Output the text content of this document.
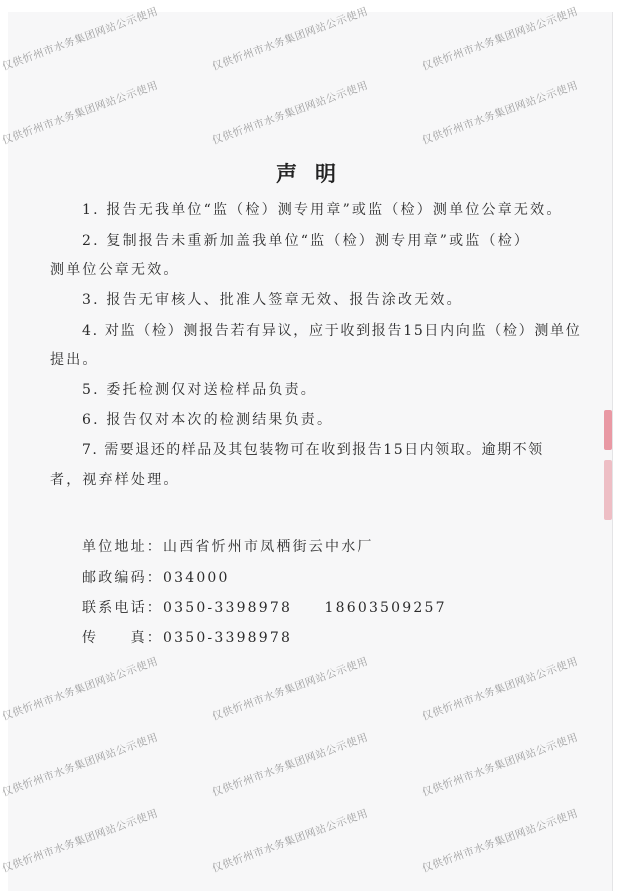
声明
1. 报告无我单位“监（检）测专用章”或监（检）测单位公章无效。
2. 复制报告未重新加盖我单位“监（检）测专用章”或监（检）
测单位公章无效。
3. 报告无审核人、批准人签章无效、报告涂改无效。
4. 对监（检）测报告若有异议，应于收到报告15日内向监（检）测单位
提出。
5. 委托检测仅对送检样品负责。
6. 报告仅对本次的检测结果负责。
7. 需要退还的样品及其包装物可在收到报告15日内领取。逾期不领
者，视弃样处理。
单位地址：山西省忻州市凤栖街云中水厂
邮政编码：034000
联系电话：0350-3398978　　18603509257
传　　真：0350-3398978
仅供忻州市水务集团网站公示使用	仅供忻州市水务集团网站公示使用	仅供忻州市水务集团网站公示使用
仅供忻州市水务集团网站公示使用	仅供忻州市水务集团网站公示使用	仅供忻州市水务集团网站公示使用
仅供忻州市水务集团网站公示使用	仅供忻州市水务集团网站公示使用	仅供忻州市水务集团网站公示使用
仅供忻州市水务集团网站公示使用	仅供忻州市水务集团网站公示使用	仅供忻州市水务集团网站公示使用
仅供忻州市水务集团网站公示使用	仅供忻州市水务集团网站公示使用	仅供忻州市水务集团网站公示使用
